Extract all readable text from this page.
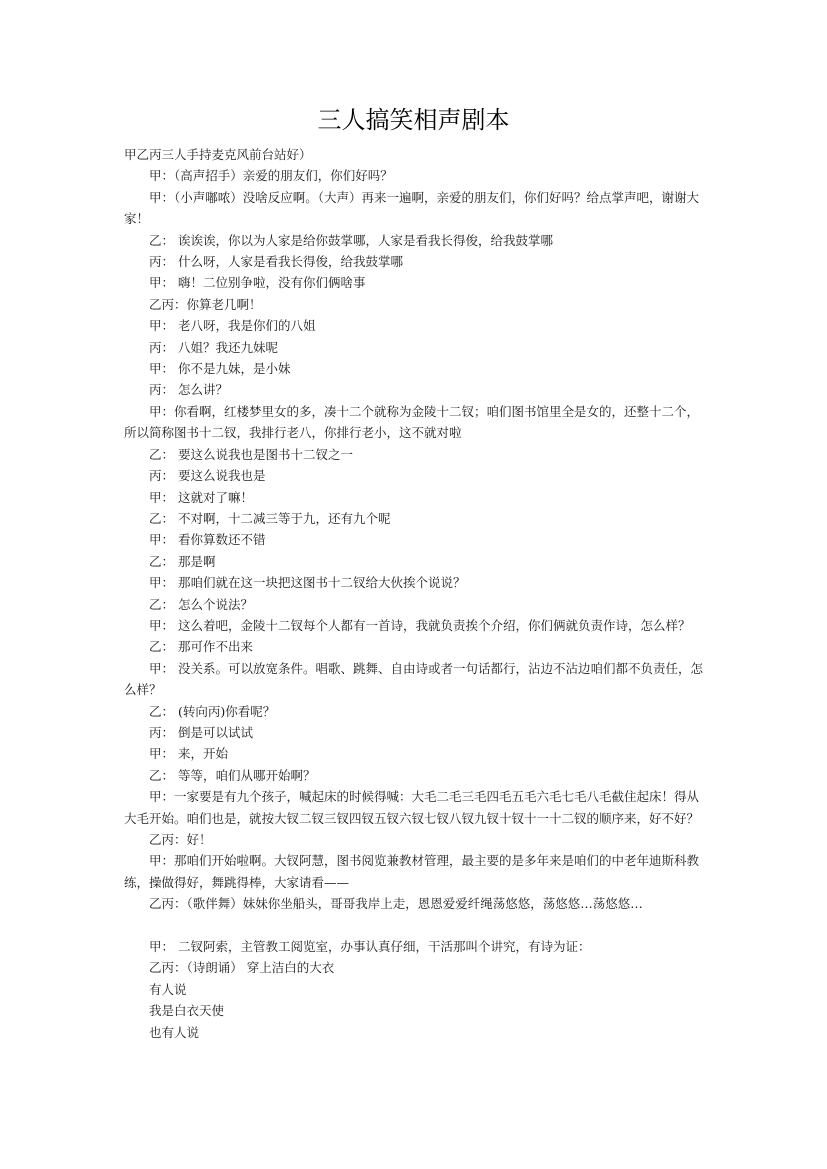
三人搞笑相声剧本

甲乙丙三人手持麦克风前台站好）

甲：（高声招手）亲爱的朋友们，你们好吗？

甲：（小声嘟哝）没啥反应啊。（大声）再来一遍啊，亲爱的朋友们，你们好吗？给点掌声吧，谢谢大家！

乙： 诶诶诶，你以为人家是给你鼓掌哪，人家是看我长得俊，给我鼓掌哪

丙： 什么呀，人家是看我长得俊，给我鼓掌哪

甲： 嗨！二位别争啦，没有你们俩啥事

乙丙：你算老几啊！

甲： 老八呀，我是你们的八姐

丙： 八姐？我还九妹呢

甲： 你不是九妹，是小妹

丙： 怎么讲？

甲：你看啊，红楼梦里女的多，凑十二个就称为金陵十二钗；咱们图书馆里全是女的，还整十二个，所以简称图书十二钗，我排行老八，你排行老小，这不就对啦

乙： 要这么说我也是图书十二钗之一

丙： 要这么说我也是

甲： 这就对了嘛！

乙： 不对啊，十二减三等于九，还有九个呢

甲： 看你算数还不错

乙： 那是啊

甲： 那咱们就在这一块把这图书十二钗给大伙挨个说说？

乙： 怎么个说法？

甲： 这么着吧，金陵十二钗每个人都有一首诗，我就负责挨个介绍，你们俩就负责作诗，怎么样？

乙： 那可作不出来

甲： 没关系。可以放宽条件。唱歌、跳舞、自由诗或者一句话都行，沾边不沾边咱们都不负责任，怎么样？

乙： (转向丙)你看呢？

丙： 倒是可以试试

甲： 来，开始

乙： 等等，咱们从哪开始啊？

甲：一家要是有九个孩子，喊起床的时候得喊：大毛二毛三毛四毛五毛六毛七毛八毛截住起床！得从大毛开始。咱们也是，就按大钗二钗三钗四钗五钗六钗七钗八钗九钗十钗十一十二钗的顺序来，好不好？

乙丙：好！

甲：那咱们开始啦啊。大钗阿慧，图书阅览兼教材管理，最主要的是多年来是咱们的中老年迪斯科教练，操做得好，舞跳得棒，大家请看——

乙丙：（歌伴舞）妹妹你坐船头，哥哥我岸上走，恩恩爱爱纤绳荡悠悠，荡悠悠…荡悠悠…

甲： 二钗阿索，主管教工阅览室，办事认真仔细，干活那叫个讲究，有诗为证：

乙丙：（诗朗诵） 穿上洁白的大衣

有人说

我是白衣天使

也有人说
